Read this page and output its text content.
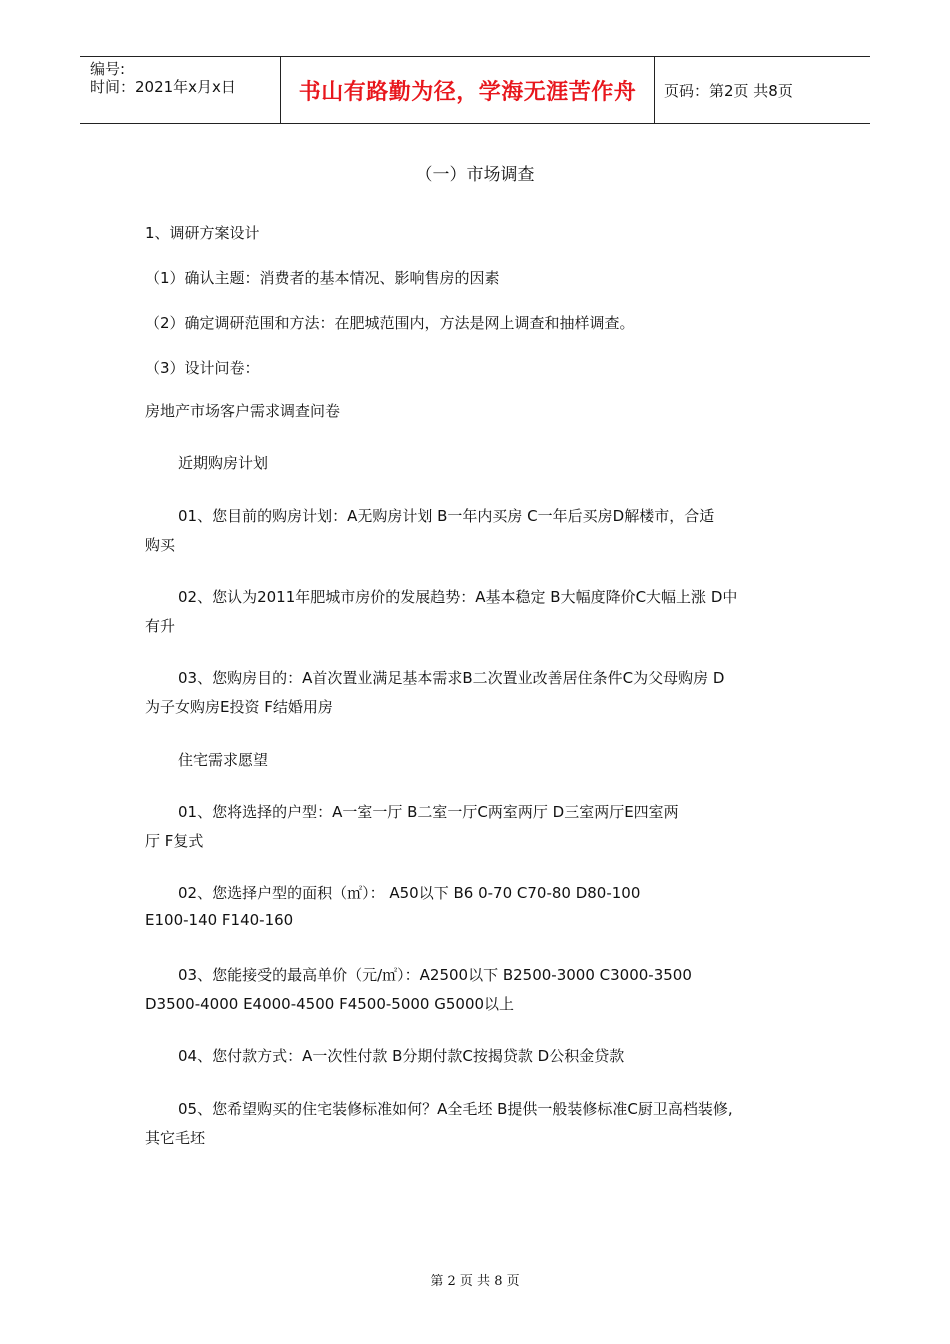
编号:
时间：2021年x月x日	书山有路勤为径，学海无涯苦作舟 页码：第2页 共8页
（一）市场调查
1、调研方案设计
（1）确认主题：消费者的基本情况、影响售房的因素
（2）确定调研范围和方法：在肥城范围内，方法是网上调查和抽样调查。
（3）设计问卷：
房地产市场客户需求调查问卷
近期购房计划
01、您目前的购房计划：A无购房计划 B一年内买房 C一年后买房D解楼市，合适
购买
02、您认为2011年肥城市房价的发展趋势：A基本稳定 B大幅度降价C大幅上涨 D中
有升
03、您购房目的：A首次置业满足基本需求B二次置业改善居住条件C为父母购房 D
为子女购房E投资 F结婚用房
住宅需求愿望
01、您将选择的户型：A一室一厅 B二室一厅C两室两厅 D三室两厅E四室两
厅 F复式
02、您选择户型的面积（㎡）： A50以下 B6 0-70 C70-80 D80-100
E100-140 F140-160
03、您能接受的最高单价（元/㎡）：A2500以下 B2500-3000 C3000-3500
D3500-4000 E4000-4500 F4500-5000 G5000以上
04、您付款方式：A一次性付款 B分期付款C按揭贷款 D公积金贷款
05、您希望购买的住宅装修标准如何？A全毛坯 B提供一般装修标准C厨卫高档装修,
其它毛坯
第 2 页 共 8 页
